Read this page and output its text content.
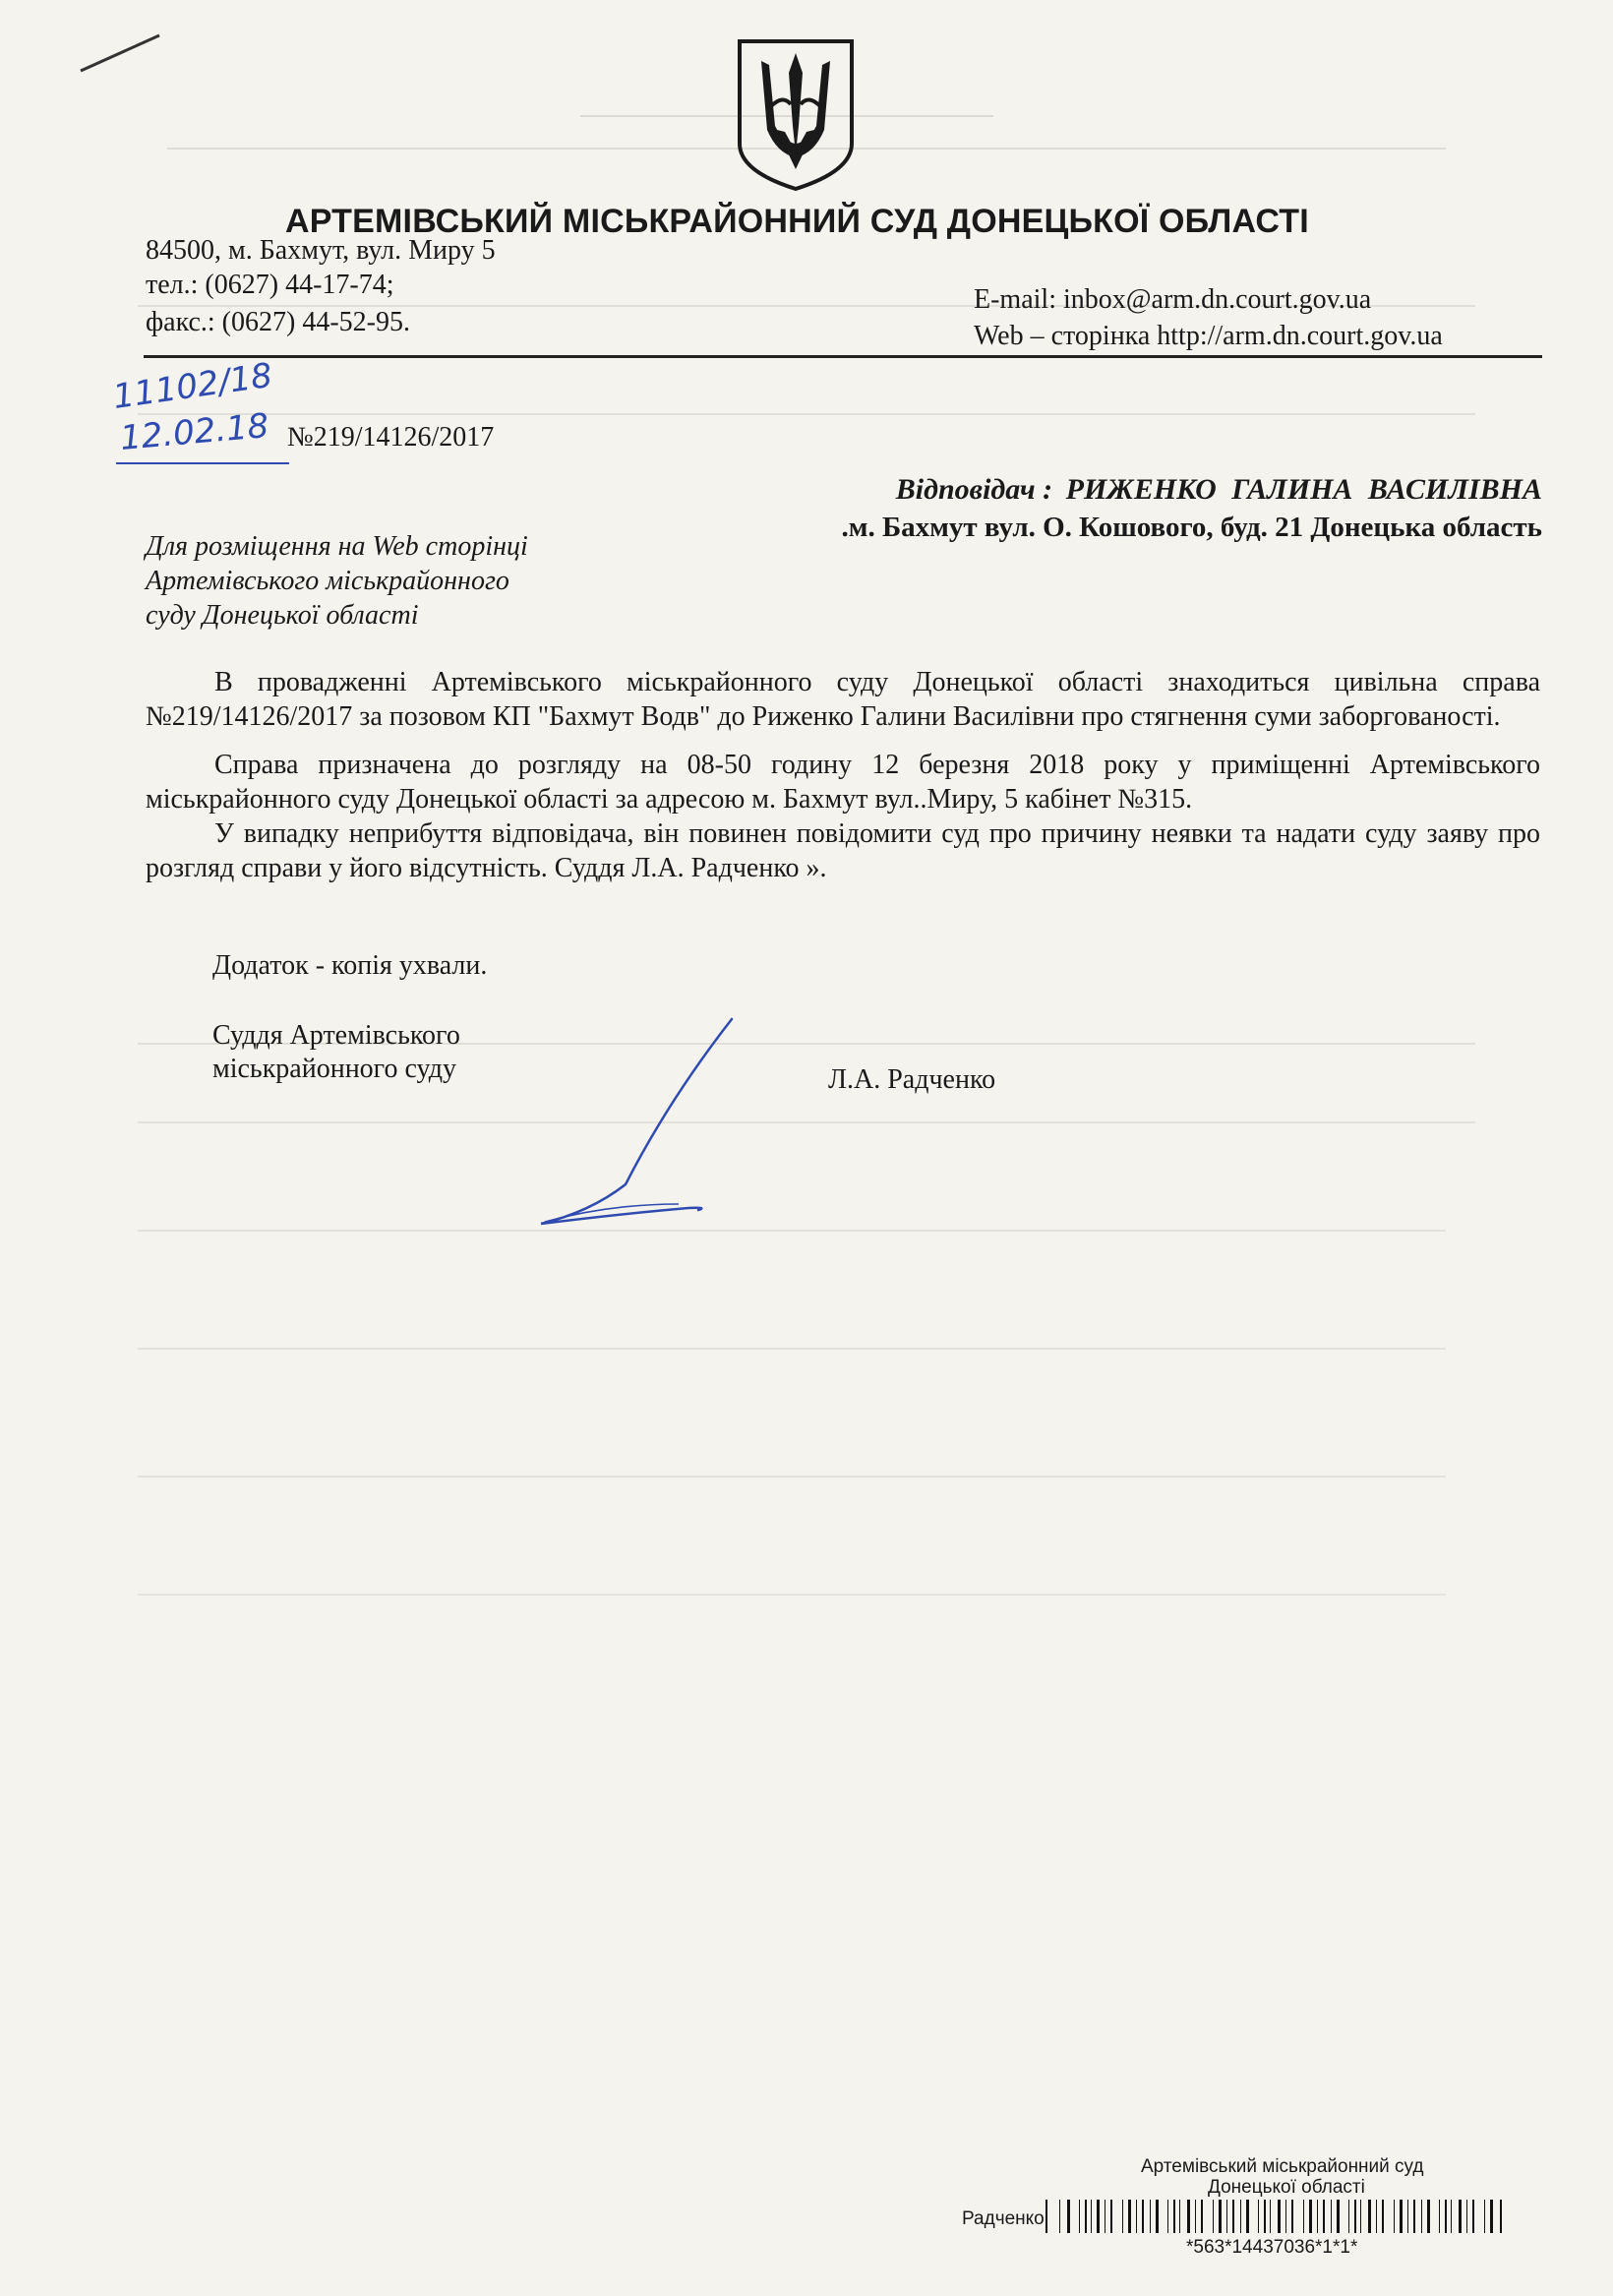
АРТЕМІВСЬКИЙ МІСЬКРАЙОННИЙ СУД ДОНЕЦЬКОЇ ОБЛАСТІ
84500, м. Бахмут, вул. Миру 5
тел.: (0627) 44-17-74;
факс.: (0627) 44-52-95.
E-mail: inbox@arm.dn.court.gov.ua
Web – сторінка http://arm.dn.court.gov.ua
11102/18
12.02.18 №219/14126/2017
Відповідач : РИЖЕНКО ГАЛИНА ВАСИЛІВНА
.м. Бахмут вул. О. Кошового, буд. 21 Донецька область
Для розміщення на Web сторінці
Артемівського міськрайонного
суду Донецької області

В провадженні Артемівського міськрайонного суду Донецької області знаходиться цивільна справа №219/14126/2017 за позовом КП "Бахмут Водв" до Риженко Галини Василівни про стягнення суми заборгованості.

Справа призначена до розгляду на 08-50 годину 12 березня 2018 року у приміщенні Артемівського міськрайонного суду Донецької області за адресою м. Бахмут вул..Миру, 5 кабінет №315.

У випадку неприбуття відповідача, він повинен повідомити суд про причину неявки та надати суду заяву про розгляд справи у його відсутність. Суддя Л.А. Радченко ».

Додаток - копія ухвали.
Суддя Артемівського
міськрайонного суду	Л.А. Радченко
Артемівський міськрайонний суд
Донецької області
Радченко
*563*14437036*1*1*
